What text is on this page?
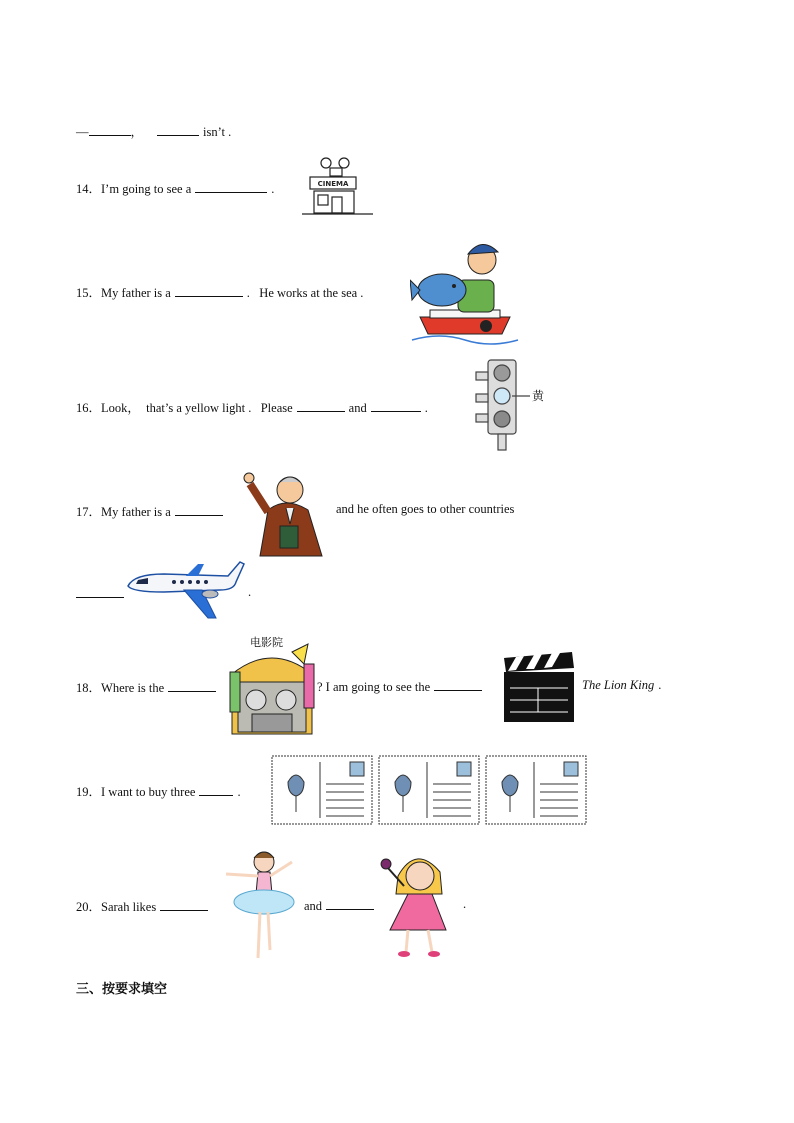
—	，	isn’t .
14． I’m going to see a	.	CINEMA
15． My father is a	.   He works at the sea .
16． Look，  that’s a yellow light .   Please	and	.
黄
17． My father is a	and he often goes to other countries
.
18． Where is the
电影院
? I am going to see the	The Lion King .
19． I want to buy three	.
20． Sarah likes	and	.
三、按要求填空
